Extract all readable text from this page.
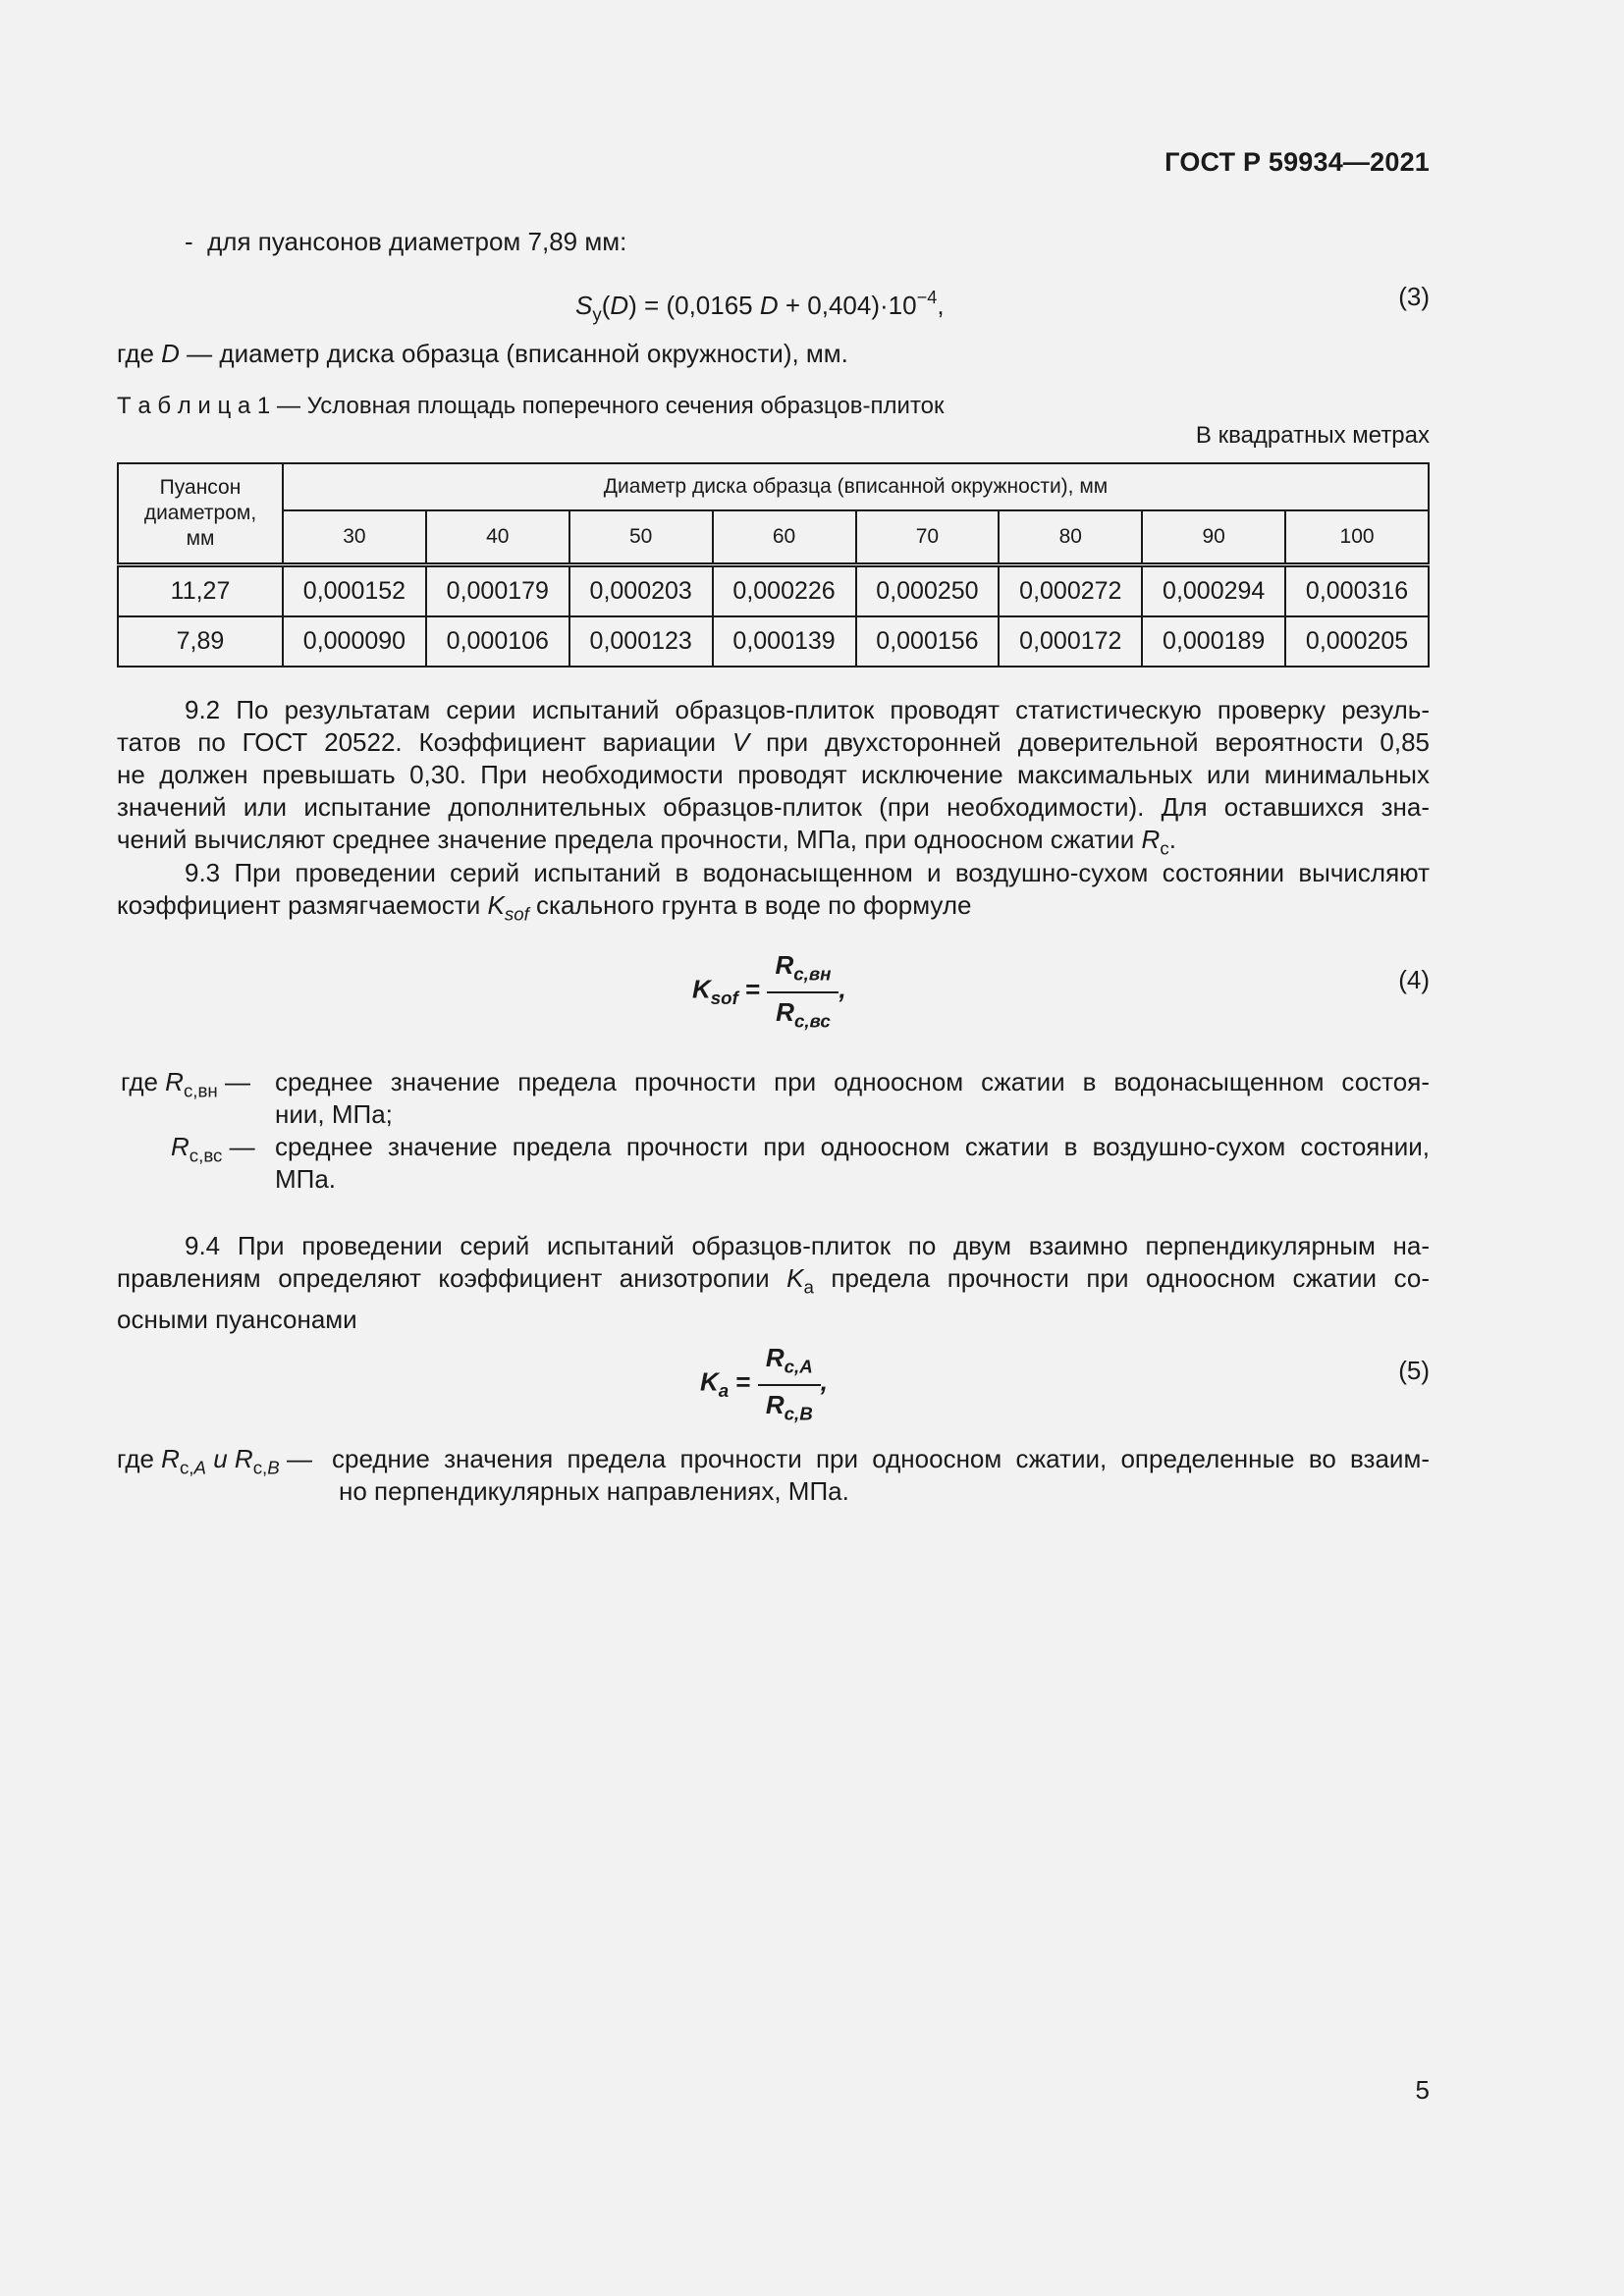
ГОСТ Р 59934—2021
- для пуансонов диаметром 7,89 мм:
$S_y(D) = (0,0165$ $D + 0,404)\cdot 10^{-4}$,	(3)
где D — диаметр диска образца (вписанной окружности), мм.
Т а б л и ц а 1 — Условная площадь поперечного сечения образцов-плиток
В квадратных метрах
Пуансон диаметром, мм	Диаметр диска образца (вписанной окружности), мм							
	30	40	50	60	70	80	90	100
11,27	0,000152	0,000179	0,000203	0,000226	0,000250	0,000272	0,000294	0,000316
7,89	0,000090	0,000106	0,000123	0,000139	0,000156	0,000172	0,000189	0,000205
9.2 По результатам серии испытаний образцов-плиток проводят статистическую проверку резуль-
татов по ГОСТ 20522. Коэффициент вариации V при двухсторонней доверительной вероятности 0,85
не должен превышать 0,30. При необходимости проводят исключение максимальных или минимальных
значений или испытание дополнительных образцов-плиток (при необходимости). Для оставшихся зна-
чений вычисляют среднее значение предела прочности, МПа, при одноосном сжатии $R_с$.
9.3 При проведении серий испытаний в водонасыщенном и воздушно-сухом состоянии вычисляют
коэффициент размягчаемости $K_{sof}$ скального грунта в воде по формуле
$K_{sof} = \frac{R_{c,вн}}{R_{c,вс}}$ ,	(4)
где $R_{с,вн}$ — среднее значение предела прочности при одноосном сжатии в водонасыщенном состоя-
нии, МПа;
$R_{с,вс}$ — среднее значение предела прочности при одноосном сжатии в воздушно-сухом состоянии,
МПа.
9.4 При проведении серий испытаний образцов-плиток по двум взаимно перпендикулярным на-
правлениям определяют коэффициент анизотропии $K_a$ предела прочности при одноосном сжатии со-
осными пуансонами
$K_a = \frac{R_{c,A}}{R_{c,B}}$ ,	(5)
где $R_{с,A}$ и $R_{с,B}$ — средние значения предела прочности при одноосном сжатии, определенные во взаим-
но перпендикулярных направлениях, МПа.
5
